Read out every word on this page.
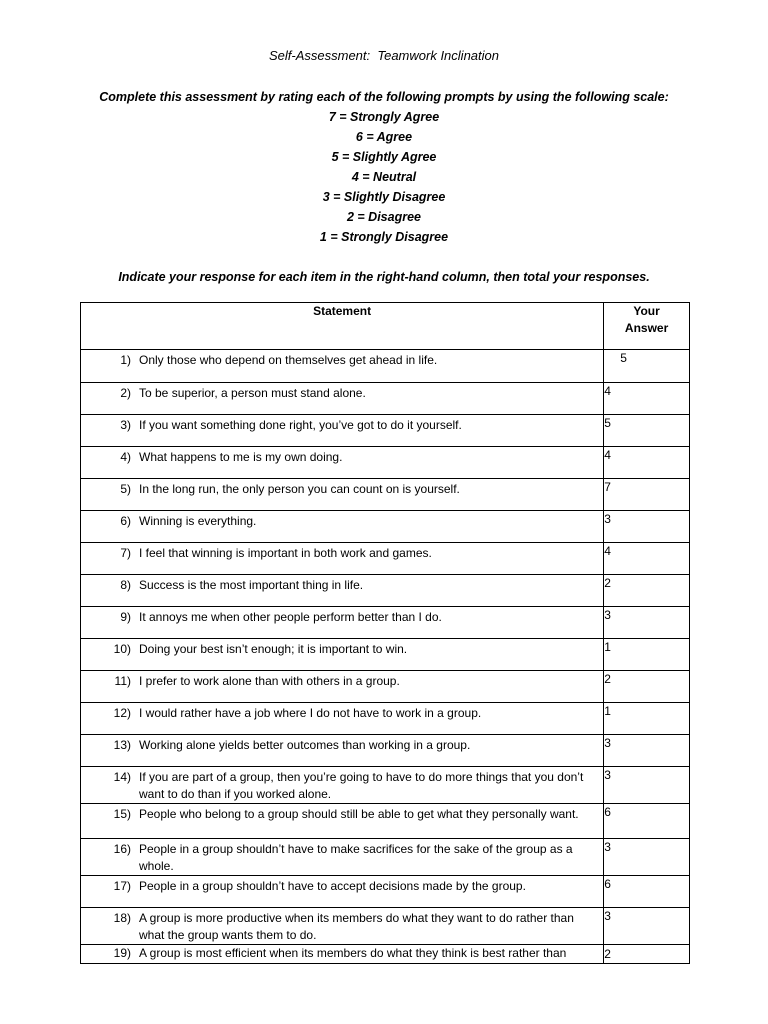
Self-Assessment:  Teamwork Inclination
Complete this assessment by rating each of the following prompts by using the following scale:
7 = Strongly Agree
6 = Agree
5 = Slightly Agree
4 = Neutral
3 = Slightly Disagree
2 = Disagree
1 = Strongly Disagree
Indicate your response for each item in the right-hand column, then total your responses.
Statement	Your
Answer

1) Only those who depend on themselves get ahead in life.	5

2) To be superior, a person must stand alone.	4

3) If you want something done right, you’ve got to do it yourself.	5

4) What happens to me is my own doing.	4

5) In the long run, the only person you can count on is yourself.	7

6) Winning is everything.	3

7) I feel that winning is important in both work and games.	4

8) Success is the most important thing in life.	2

9) It annoys me when other people perform better than I do.	3

10) Doing your best isn’t enough; it is important to win.	1

11) I prefer to work alone than with others in a group.	2

12) I would rather have a job where I do not have to work in a group.	1

13) Working alone yields better outcomes than working in a group.	3

14) If you are part of a group, then you’re going to have to do more things that you don’t want to do than if you worked alone.	3

15) People who belong to a group should still be able to get what they personally want.	6

16) People in a group shouldn’t have to make sacrifices for the sake of the group as a whole.	3

17) People in a group shouldn’t have to accept decisions made by the group.	6

18) A group is more productive when its members do what they want to do rather than what the group wants them to do.	3

19) A group is most efficient when its members do what they think is best rather than	2
